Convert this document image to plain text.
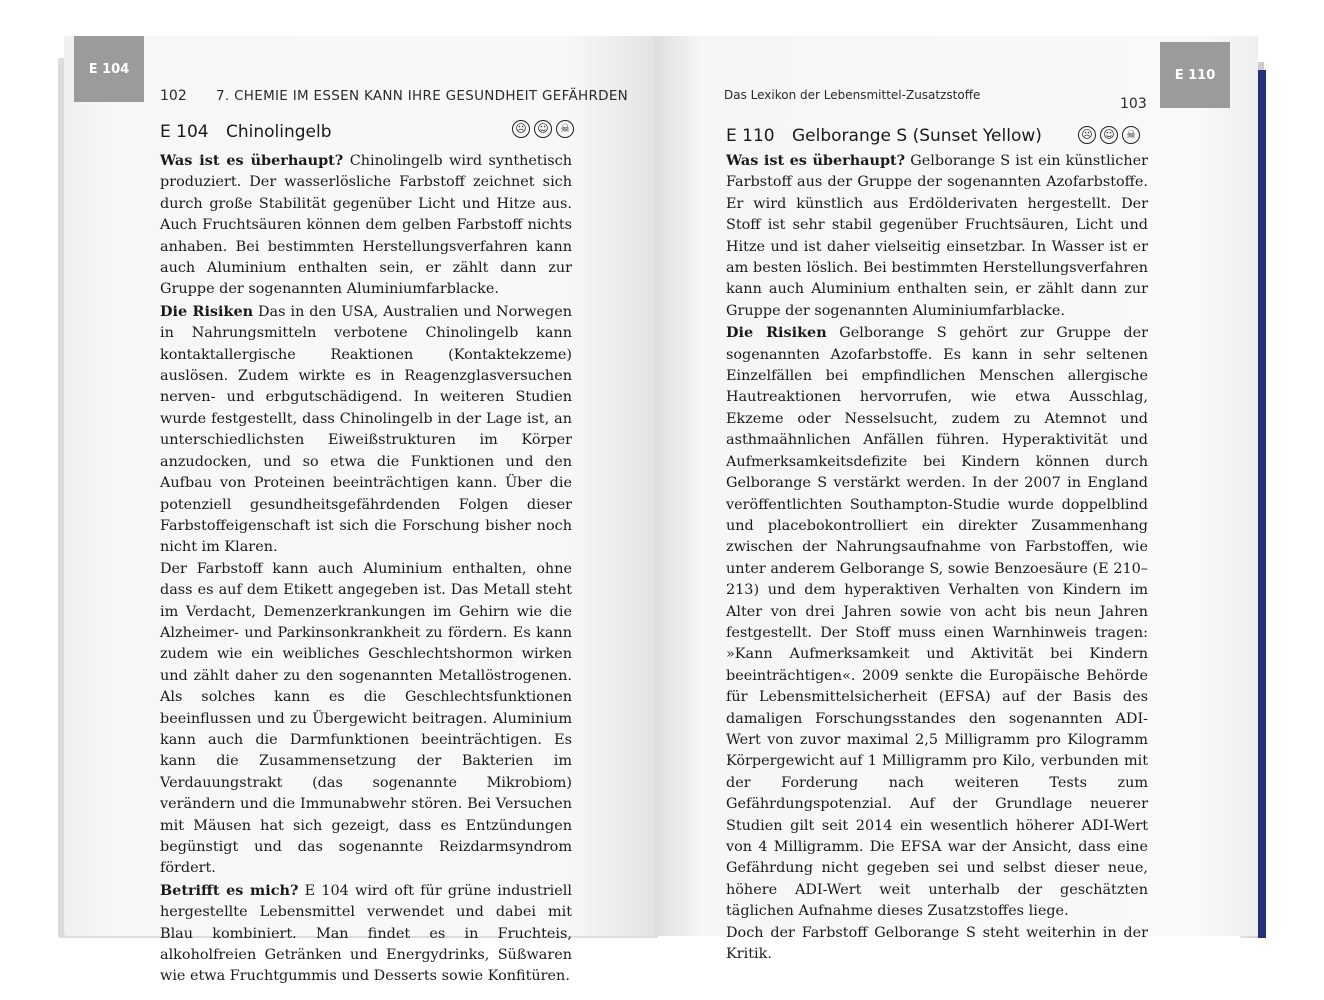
E 104	E 110
102 7. CHEMIE IM ESSEN KANN IHRE GESUNDHEIT GEFÄHRDEN	Das Lexikon der Lebensmittel-Zusatzstoffe
103
E 104 Chinolingelb	☹ ☺	☠	E 110 Gelborange S (Sunset Yellow)	☹ ☺	☠

Was ist es überhaupt? Chinolingelb wird synthetisch produziert. Der wasserlösliche Farbstoff zeichnet sich durch große Stabilität gegenüber Licht und Hitze aus. Auch Fruchtsäuren können dem gelben Farbstoff nichts anhaben. Bei bestimmten Herstellungsverfahren kann auch Aluminium enthalten sein, er zählt dann zur Gruppe der sogenannten Aluminiumfarblacke.

Die Risiken Das in den USA, Australien und Norwegen in Nahrungsmitteln verbotene Chinolingelb kann kontaktallergische Reaktionen (Kontaktekzeme) auslösen. Zudem wirkte es in Reagenzglasversuchen nerven- und erbgutschädigend. In weiteren Studien wurde festgestellt, dass Chinolingelb in der Lage ist, an unterschiedlichsten Eiweißstrukturen im Körper anzudocken, und so etwa die Funktionen und den Aufbau von Proteinen beeinträchtigen kann. Über die potenziell gesundheitsgefährdenden Folgen dieser Farbstoffeigenschaft ist sich die Forschung bisher noch nicht im Klaren.

Der Farbstoff kann auch Aluminium enthalten, ohne dass es auf dem Etikett angegeben ist. Das Metall steht im Verdacht, Demenzerkrankungen im Gehirn wie die Alzheimer- und Parkinsonkrankheit zu fördern. Es kann zudem wie ein weibliches Geschlechtshormon wirken und zählt daher zu den sogenannten Metallöstrogenen. Als solches kann es die Geschlechtsfunktionen beeinflussen und zu Übergewicht beitragen. Aluminium kann auch die Darmfunktionen beeinträchtigen. Es kann die Zusammensetzung der Bakterien im Verdauungstrakt (das sogenannte Mikrobiom) verändern und die Immunabwehr stören. Bei Versuchen mit Mäusen hat sich gezeigt, dass es Entzündungen begünstigt und das sogenannte Reizdarmsyndrom fördert.

Betrifft es mich? E 104 wird oft für grüne industriell hergestellte Lebensmittel verwendet und dabei mit Blau kombiniert. Man findet es in Fruchteis, alkoholfreien Getränken und Energydrinks, Süßwaren wie etwa Fruchtgummis und Desserts sowie Konfitüren.

Was ist es überhaupt? Gelborange S ist ein künstlicher Farbstoff aus der Gruppe der sogenannten Azofarbstoffe. Er wird künstlich aus Erdölderivaten hergestellt. Der Stoff ist sehr stabil gegenüber Fruchtsäuren, Licht und Hitze und ist daher vielseitig einsetzbar. In Wasser ist er am besten löslich. Bei bestimmten Herstellungsverfahren kann auch Aluminium enthalten sein, er zählt dann zur Gruppe der sogenannten Aluminiumfarblacke.

Die Risiken Gelborange S gehört zur Gruppe der sogenannten Azofarbstoffe. Es kann in sehr seltenen Einzelfällen bei empfindlichen Menschen allergische Hautreaktionen hervorrufen, wie etwa Ausschlag, Ekzeme oder Nesselsucht, zudem zu Atemnot und asthmaähnlichen Anfällen führen. Hyperaktivität und Aufmerksamkeitsdefizite bei Kindern können durch Gelborange S verstärkt werden. In der 2007 in England veröffentlichten Southampton-Studie wurde doppelblind und placebokontrolliert ein direkter Zusammenhang zwischen der Nahrungsaufnahme von Farbstoffen, wie unter anderem Gelborange S, sowie Benzoesäure (E 210–213) und dem hyperaktiven Verhalten von Kindern im Alter von drei Jahren sowie von acht bis neun Jahren festgestellt. Der Stoff muss einen Warnhinweis tragen: »Kann Aufmerksamkeit und Aktivität bei Kindern beeinträchtigen«. 2009 senkte die Europäische Behörde für Lebensmittelsicherheit (EFSA) auf der Basis des damaligen Forschungsstandes den sogenannten ADI-Wert von zuvor maximal 2,5 Milligramm pro Kilogramm Körpergewicht auf 1 Milligramm pro Kilo, verbunden mit der Forderung nach weiteren Tests zum Gefährdungspotenzial. Auf der Grundlage neuerer Studien gilt seit 2014 ein wesentlich höherer ADI-Wert von 4 Milligramm. Die EFSA war der Ansicht, dass eine Gefährdung nicht gegeben sei und selbst dieser neue, höhere ADI-Wert weit unterhalb der geschätzten täglichen Aufnahme dieses Zusatzstoffes liege.

Doch der Farbstoff Gelborange S steht weiterhin in der Kritik.
